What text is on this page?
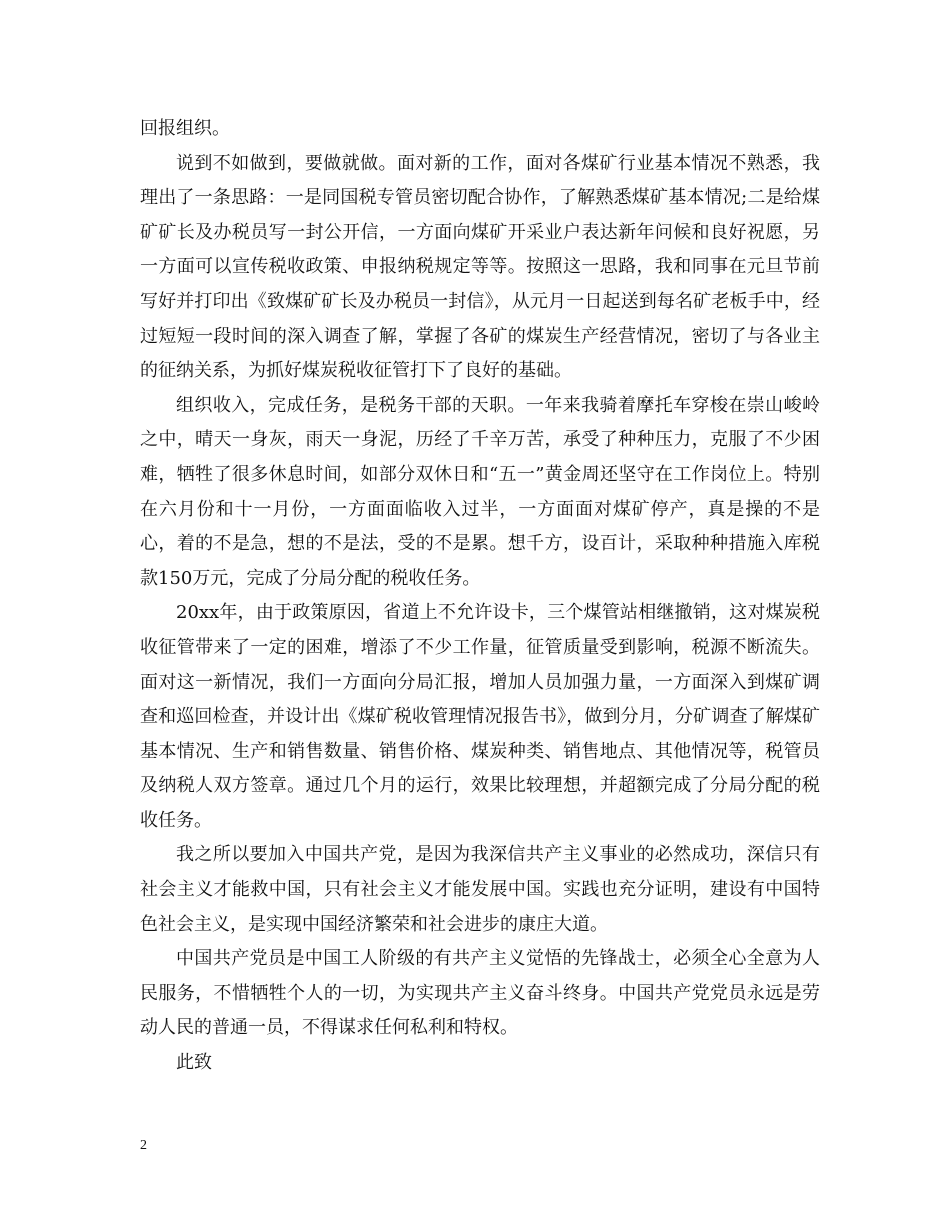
回报组织。

说到不如做到，要做就做。面对新的工作，面对各煤矿行业基本情况不熟悉，我理出了一条思路：一是同国税专管员密切配合协作，了解熟悉煤矿基本情况;二是给煤矿矿长及办税员写一封公开信，一方面向煤矿开采业户表达新年问候和良好祝愿，另一方面可以宣传税收政策、申报纳税规定等等。按照这一思路，我和同事在元旦节前写好并打印出《致煤矿矿长及办税员一封信》，从元月一日起送到每名矿老板手中，经过短短一段时间的深入调查了解，掌握了各矿的煤炭生产经营情况，密切了与各业主的征纳关系，为抓好煤炭税收征管打下了良好的基础。

组织收入，完成任务，是税务干部的天职。一年来我骑着摩托车穿梭在崇山峻岭之中，晴天一身灰，雨天一身泥，历经了千辛万苦，承受了种种压力，克服了不少困难，牺牲了很多休息时间，如部分双休日和“五一”黄金周还坚守在工作岗位上。特别在六月份和十一月份，一方面面临收入过半，一方面面对煤矿停产，真是操的不是心，着的不是急，想的不是法，受的不是累。想千方，设百计，采取种种措施入库税款150万元，完成了分局分配的税收任务。

20xx年，由于政策原因，省道上不允许设卡，三个煤管站相继撤销，这对煤炭税收征管带来了一定的困难，增添了不少工作量，征管质量受到影响，税源不断流失。面对这一新情况，我们一方面向分局汇报，增加人员加强力量，一方面深入到煤矿调查和巡回检查，并设计出《煤矿税收管理情况报告书》，做到分月，分矿调查了解煤矿基本情况、生产和销售数量、销售价格、煤炭种类、销售地点、其他情况等，税管员及纳税人双方签章。通过几个月的运行，效果比较理想，并超额完成了分局分配的税收任务。

我之所以要加入中国共产党，是因为我深信共产主义事业的必然成功，深信只有社会主义才能救中国，只有社会主义才能发展中国。实践也充分证明，建设有中国特色社会主义，是实现中国经济繁荣和社会进步的康庄大道。

中国共产党员是中国工人阶级的有共产主义觉悟的先锋战士，必须全心全意为人民服务，不惜牺牲个人的一切，为实现共产主义奋斗终身。中国共产党党员永远是劳动人民的普通一员，不得谋求任何私利和特权。

此致

2
